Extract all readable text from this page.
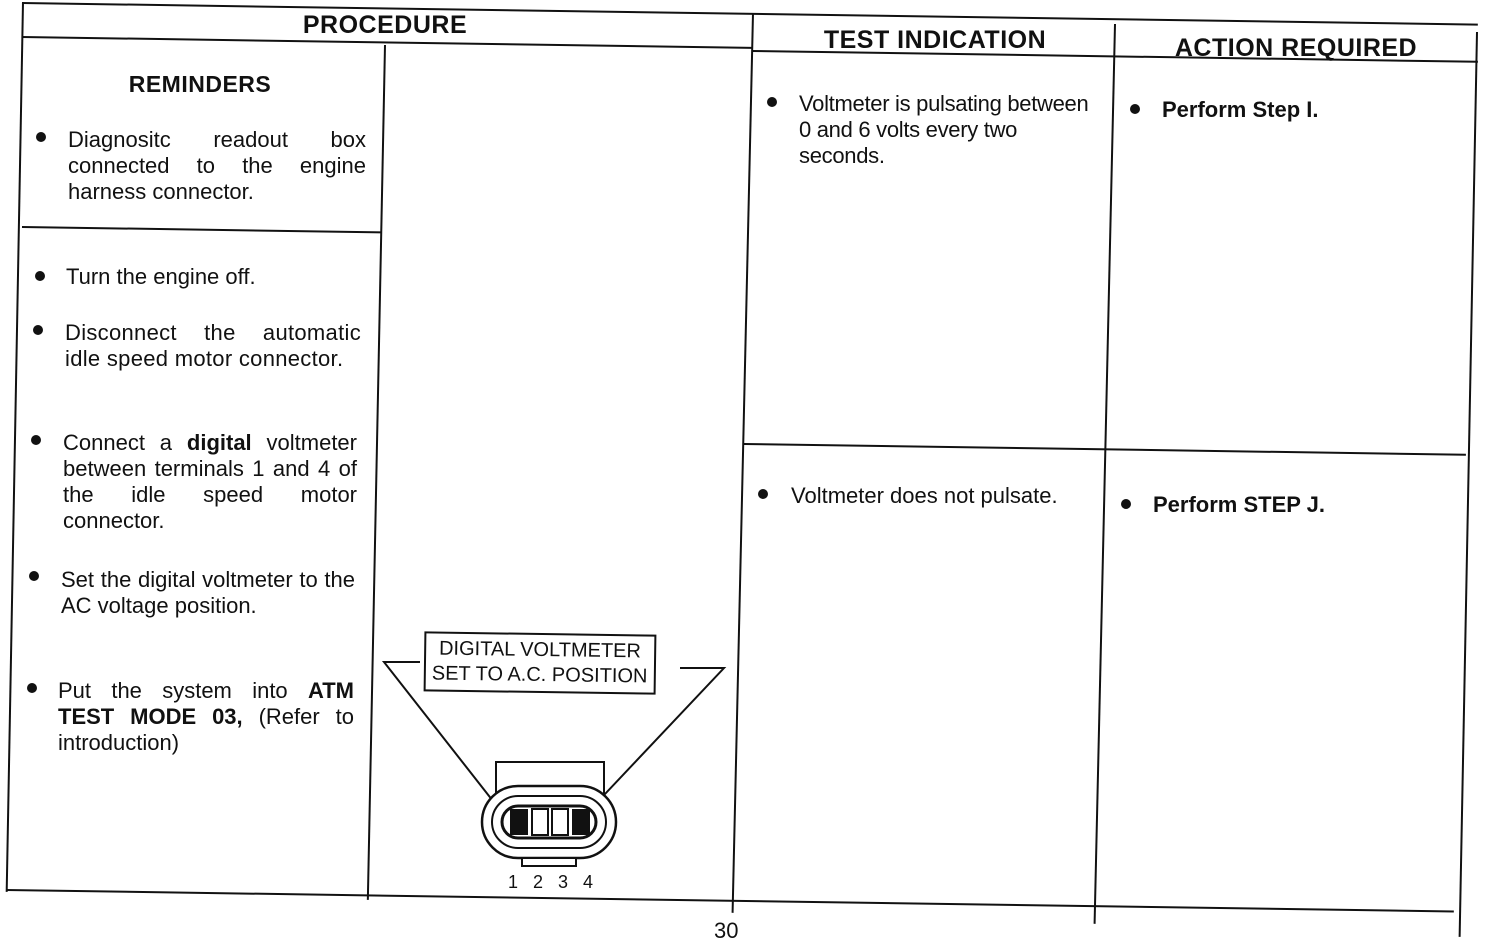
PROCEDURE
TEST INDICATION	ACTION REQUIRED
REMINDERS
Diagnositc readout box connected to the engine harness connector.
Turn the engine off.
Disconnect the automatic idle speed motor connector.
Connect a digital voltmeter between terminals 1 and 4 of the idle speed motor connector.
Set the digital voltmeter to the AC voltage position.
Put the system into ATM TEST MODE 03, (Refer to introduction)
DIGITAL VOLTMETER
SET TO A.C. POSITION
1 2 3 4
Voltmeter is pulsating between 0 and 6 volts every two seconds.
Voltmeter does not pulsate.
Perform Step I.
Perform STEP J.
30
